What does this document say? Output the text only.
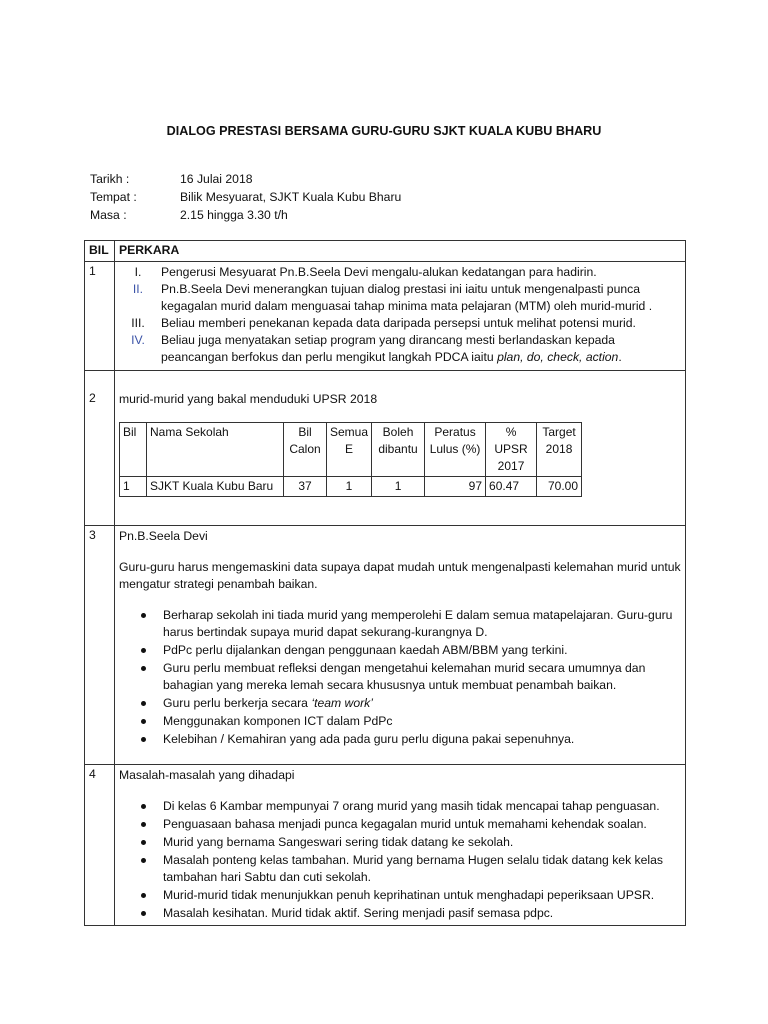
DIALOG PRESTASI BERSAMA GURU-GURU SJKT KUALA KUBU BHARU
Tarikh :	16 Julai 2018
Tempat :	Bilik Mesyuarat, SJKT Kuala Kubu Bharu
Masa :	2.15 hingga 3.30 t/h
BIL	PERKARA
1	I.	Pengerusi Mesyuarat Pn.B.Seela Devi mengalu-alukan kedatangan para hadirin.
II.	Pn.B.Seela Devi menerangkan tujuan dialog prestasi ini iaitu untuk mengenalpasti punca kegagalan murid dalam menguasai tahap minima mata pelajaran (MTM) oleh murid-murid .
III.	Beliau memberi penekanan kepada data daripada persepsi untuk melihat potensi murid.
IV.	Beliau juga menyatakan setiap program yang dirancang mesti berlandaskan kepada peancangan berfokus dan perlu mengikut langkah PDCA iaitu plan, do, check, action.

2	murid-murid yang bakal menduduki UPSR 2018
Bil	Nama Sekolah	Bil Calon	Semua E	Boleh dibantu	Peratus Lulus (%)	% UPSR 2017	Target 2018
1	SJKT Kuala Kubu Baru	37	1	1	97	60.47	70.00

3	Pn.B.Seela Devi
Guru-guru harus mengemaskini data supaya dapat mudah untuk mengenalpasti kelemahan murid untuk mengatur strategi penambah baikan.
Berharap sekolah ini tiada murid yang memperolehi E dalam semua matapelajaran. Guru-guru harus bertindak supaya murid dapat sekurang-kurangnya D.
PdPc perlu dijalankan dengan penggunaan kaedah ABM/BBM yang terkini.
Guru perlu membuat refleksi dengan mengetahui kelemahan murid secara umumnya dan bahagian yang mereka lemah secara khususnya untuk membuat penambah baikan.
Guru perlu berkerja secara ‘team work’
Menggunakan komponen ICT dalam PdPc
Kelebihan / Kemahiran yang ada pada guru perlu diguna pakai sepenuhnya.

4	Masalah-masalah yang dihadapi
Di kelas 6 Kambar mempunyai 7 orang murid yang masih tidak mencapai tahap penguasan.
Penguasaan bahasa menjadi punca kegagalan murid untuk memahami kehendak soalan.
Murid yang bernama Sangeswari sering tidak datang ke sekolah.
Masalah ponteng kelas tambahan. Murid yang bernama Hugen selalu tidak datang kek kelas tambahan hari Sabtu dan cuti sekolah.
Murid-murid tidak menunjukkan penuh keprihatinan untuk menghadapi peperiksaan UPSR.
Masalah kesihatan. Murid tidak aktif. Sering menjadi pasif semasa pdpc.
